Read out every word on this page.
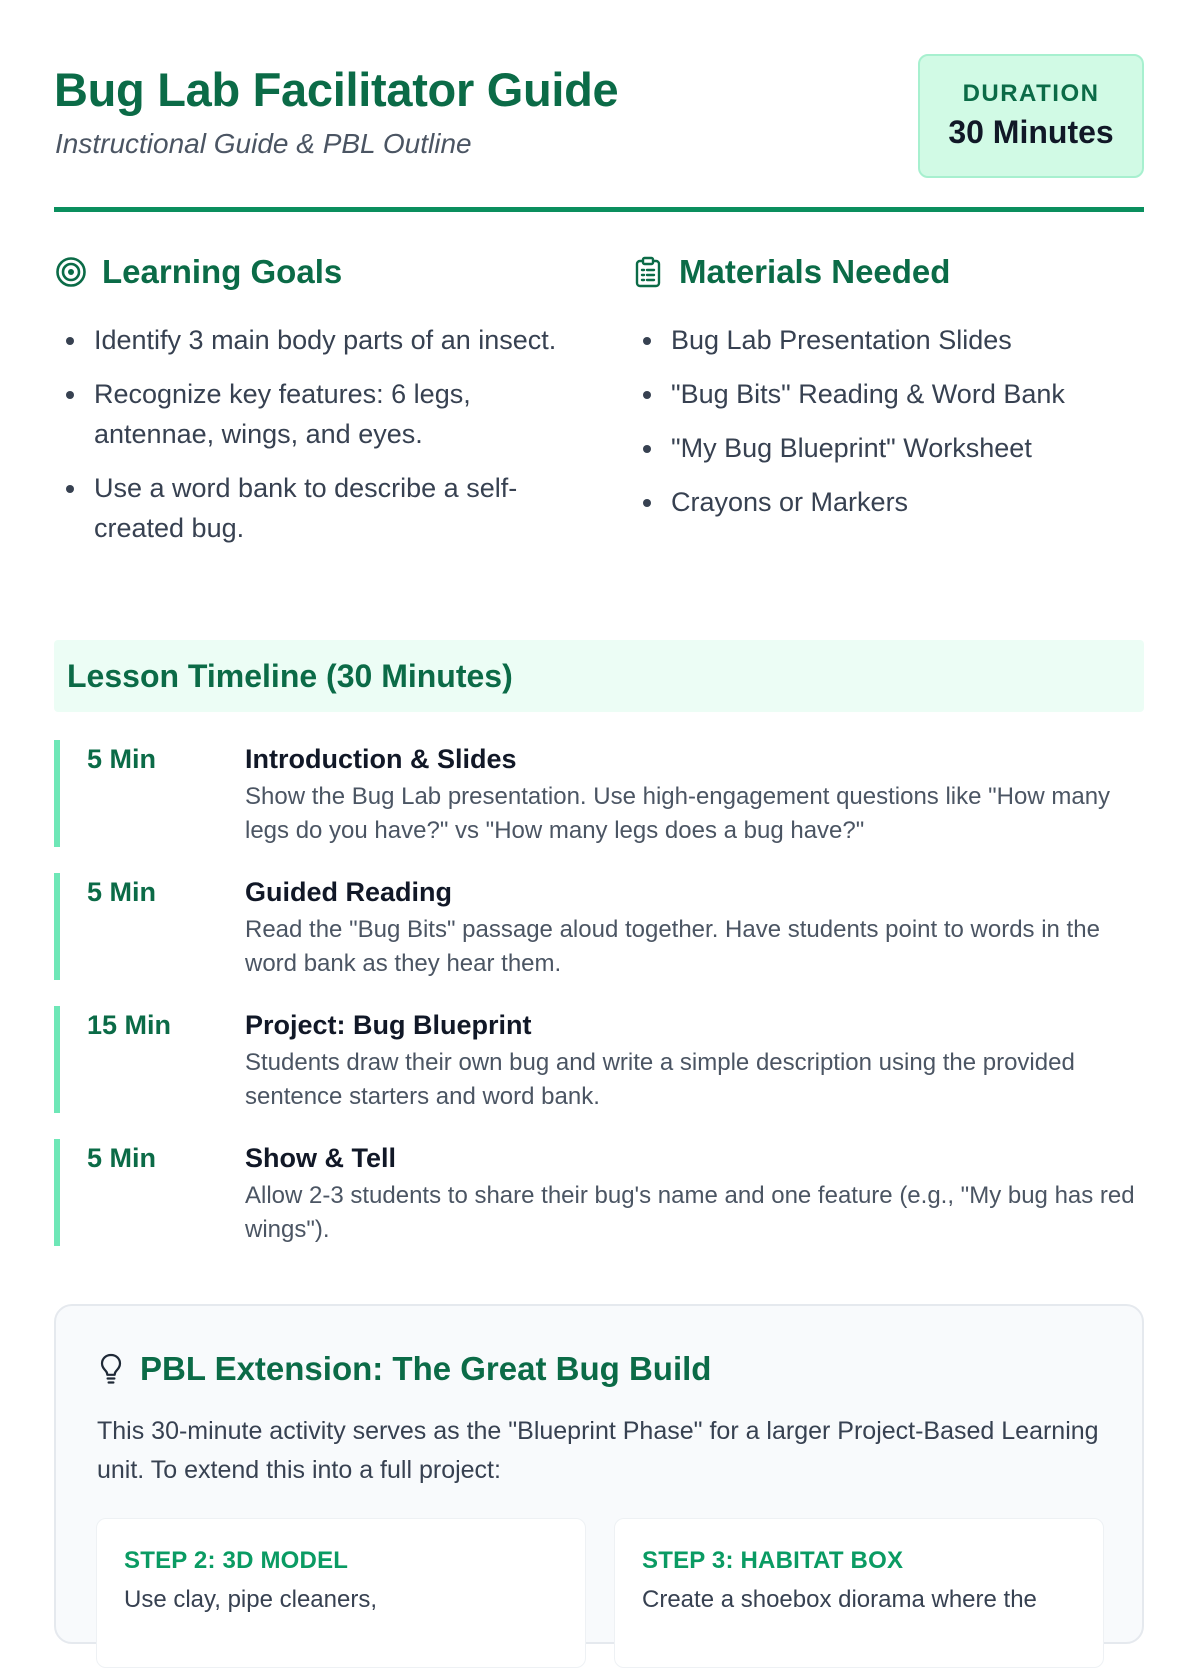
Bug Lab Facilitator Guide

Instructional Guide & PBL Outline

DURATION
30 Minutes
Learning Goals
Identify 3 main body parts of an insect.
Recognize key features: 6 legs, antennae, wings, and eyes.
Use a word bank to describe a self-created bug.
Materials Needed
Bug Lab Presentation Slides
"Bug Bits" Reading & Word Bank
"My Bug Blueprint" Worksheet
Crayons or Markers
Lesson Timeline (30 Minutes)
5 Min	Introduction & Slides
Show the Bug Lab presentation. Use high-engagement questions like "How many legs do you have?" vs "How many legs does a bug have?"
5 Min	Guided Reading
Read the "Bug Bits" passage aloud together. Have students point to words in the word bank as they hear them.
15 Min	Project: Bug Blueprint
Students draw their own bug and write a simple description using the provided sentence starters and word bank.
5 Min	Show & Tell
Allow 2-3 students to share their bug's name and one feature (e.g., "My bug has red wings").
PBL Extension: The Great Bug Build

This 30-minute activity serves as the "Blueprint Phase" for a larger Project-Based Learning unit. To extend this into a full project:

STEP 2: 3D MODEL
Use clay, pipe cleaners,
STEP 3: HABITAT BOX
Create a shoebox diorama where the
